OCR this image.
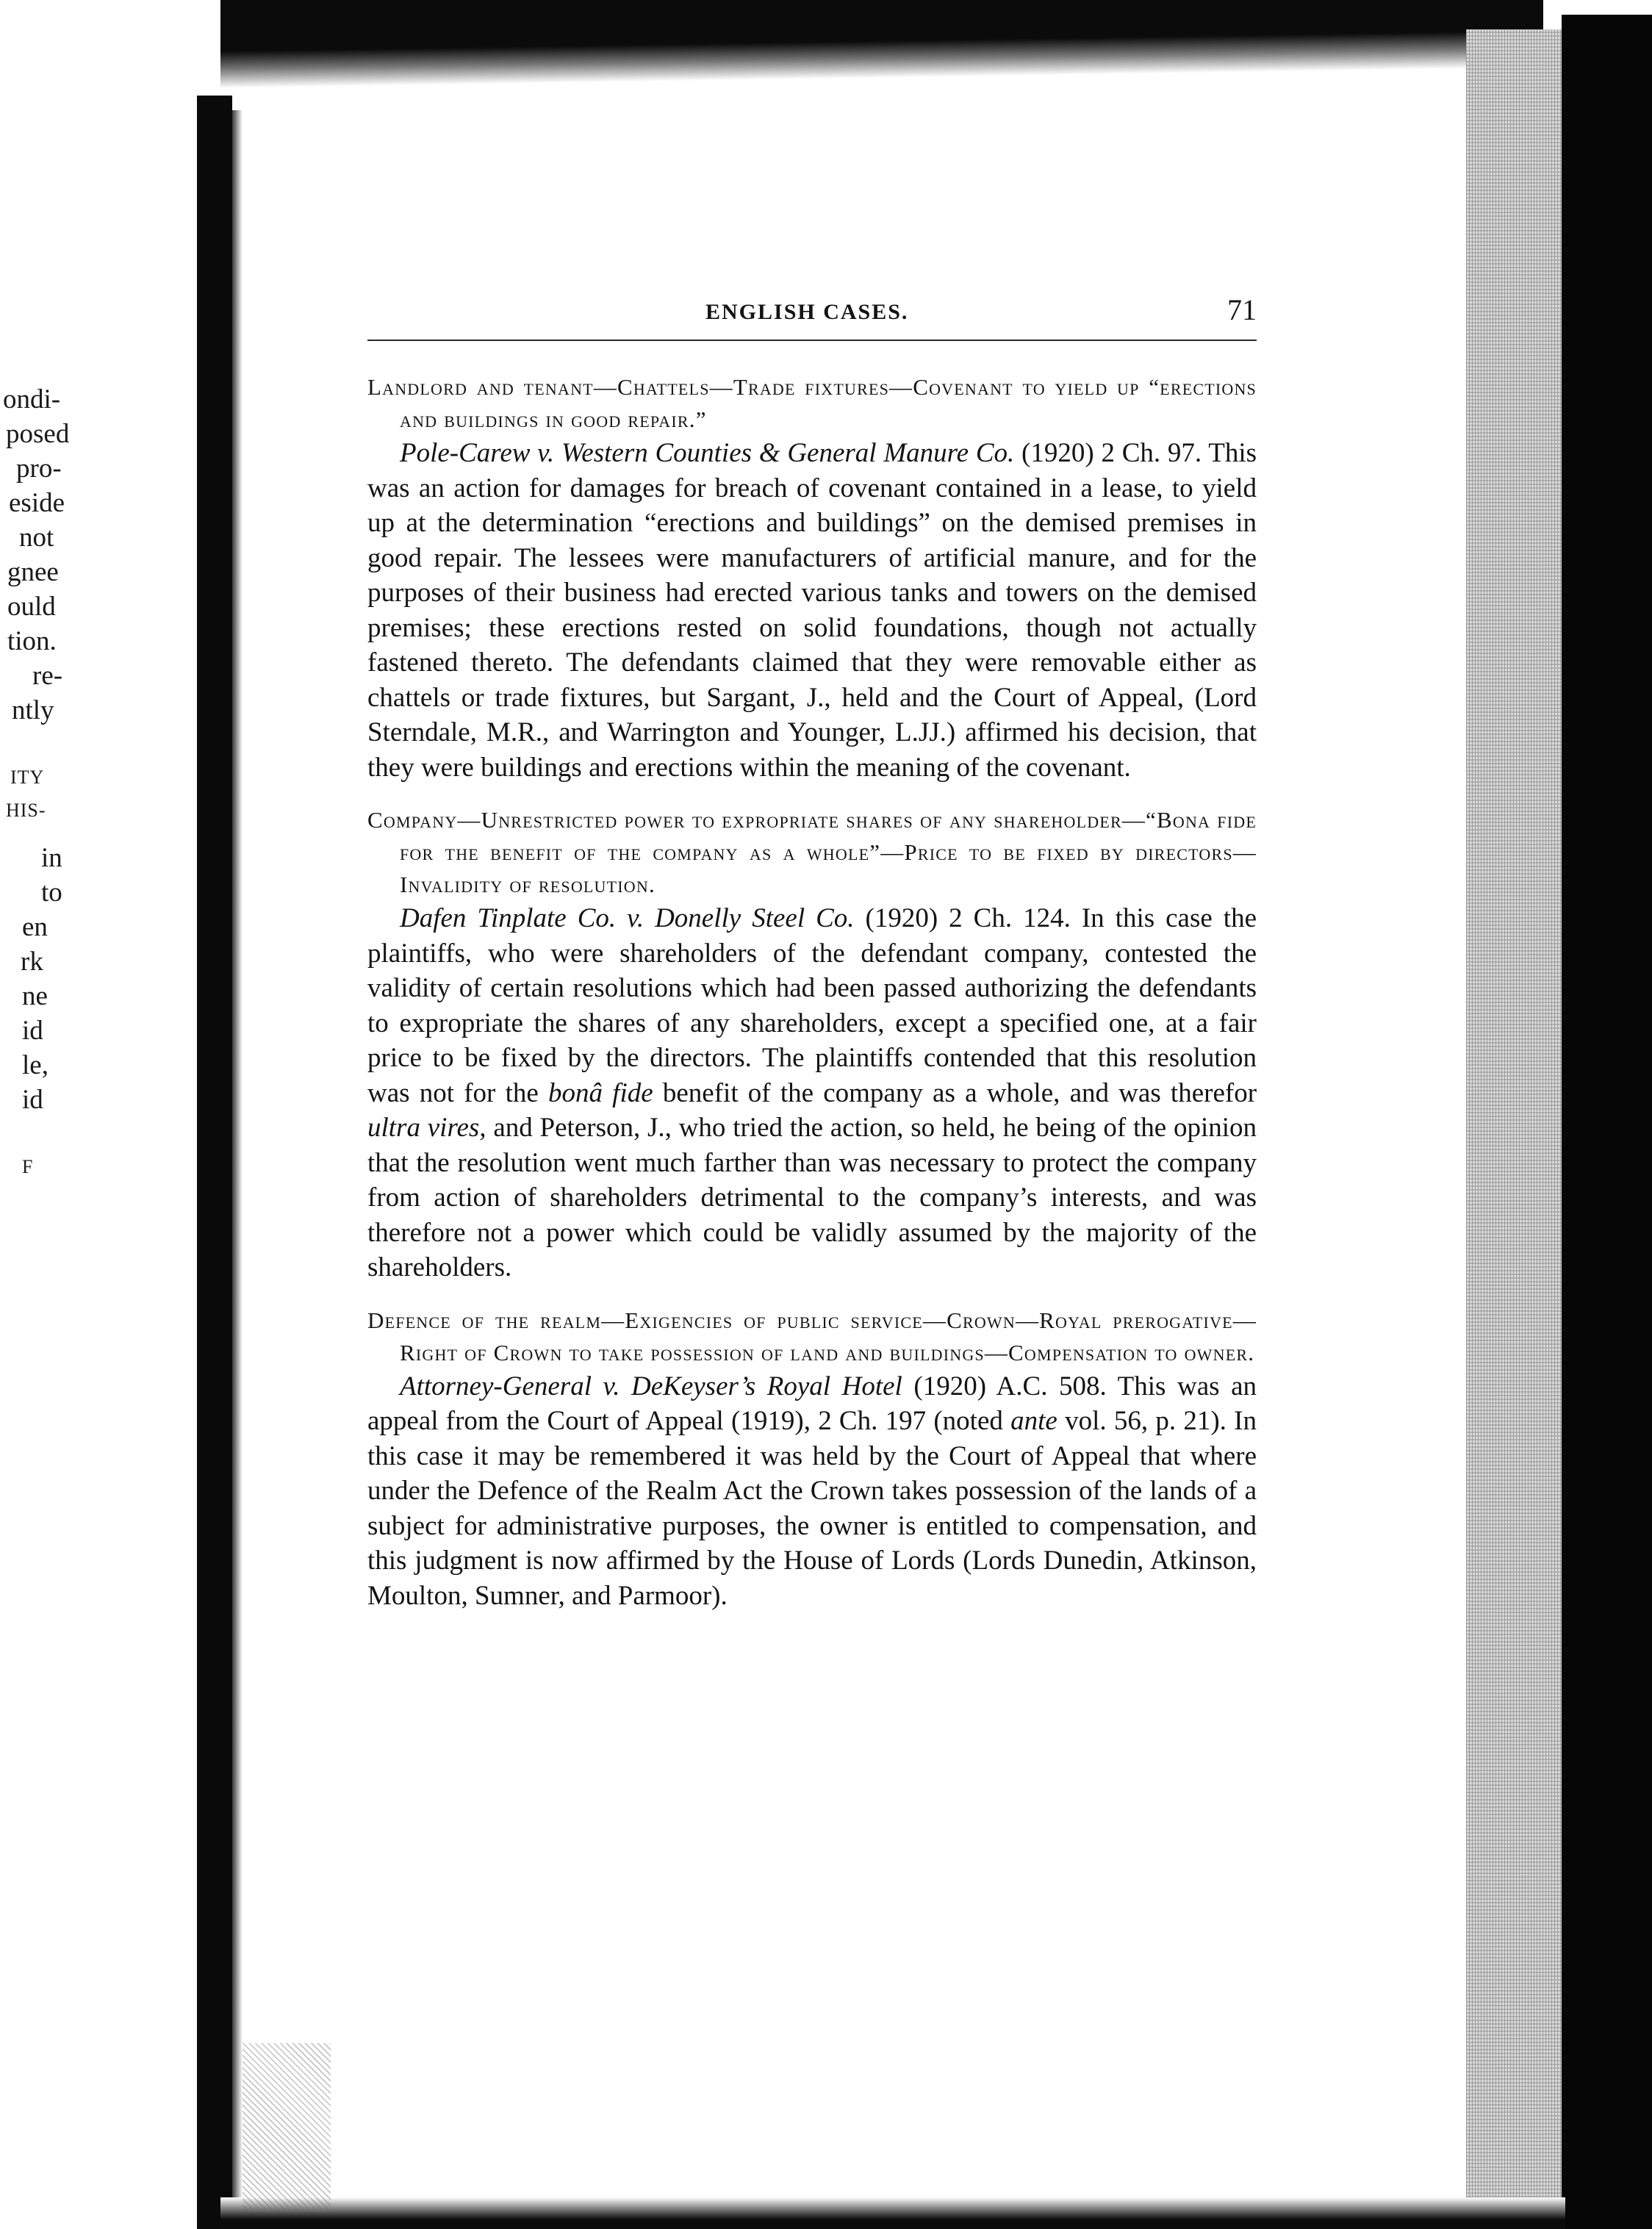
ondi-
posed
pro-
eside
not
gnee
ould
tion.
re-
ntly
ITY
HIS-
in
to
en
rk
ne
id
le,
id
F
ENGLISH CASES.	71

Landlord and tenant—Chattels—Trade fixtures—Covenant to yield up “erections and buildings in good repair.”

Pole-Carew v. Western Counties & General Manure Co. (1920) 2 Ch. 97. This was an action for damages for breach of covenant contained in a lease, to yield up at the determination “erections and buildings” on the demised premises in good repair. The lessees were manufacturers of artificial manure, and for the purposes of their business had erected various tanks and towers on the demised premises; these erections rested on solid foundations, though not actually fastened thereto. The defendants claimed that they were removable either as chattels or trade fixtures, but Sargant, J., held and the Court of Appeal, (Lord Sterndale, M.R., and Warrington and Younger, L.JJ.) affirmed his decision, that they were buildings and erections within the meaning of the covenant.

Company—Unrestricted power to expropriate shares of any shareholder—“Bona fide for the benefit of the company as a whole”—Price to be fixed by directors—Invalidity of resolution.

Dafen Tinplate Co. v. Donelly Steel Co. (1920) 2 Ch. 124. In this case the plaintiffs, who were shareholders of the defendant company, contested the validity of certain resolutions which had been passed authorizing the defendants to expropriate the shares of any shareholders, except a specified one, at a fair price to be fixed by the directors. The plaintiffs contended that this resolution was not for the bonâ fide benefit of the company as a whole, and was therefor ultra vires, and Peterson, J., who tried the action, so held, he being of the opinion that the resolution went much farther than was necessary to protect the company from action of shareholders detrimental to the company’s interests, and was therefore not a power which could be validly assumed by the majority of the shareholders.

Defence of the realm—Exigencies of public service—Crown—Royal prerogative—Right of Crown to take possession of land and buildings—Compensation to owner.

Attorney-General v. DeKeyser’s Royal Hotel (1920) A.C. 508. This was an appeal from the Court of Appeal (1919), 2 Ch. 197 (noted ante vol. 56, p. 21). In this case it may be remembered it was held by the Court of Appeal that where under the Defence of the Realm Act the Crown takes possession of the lands of a subject for administrative purposes, the owner is entitled to compensation, and this judgment is now affirmed by the House of Lords (Lords Dunedin, Atkinson, Moulton, Sumner, and Parmoor).
